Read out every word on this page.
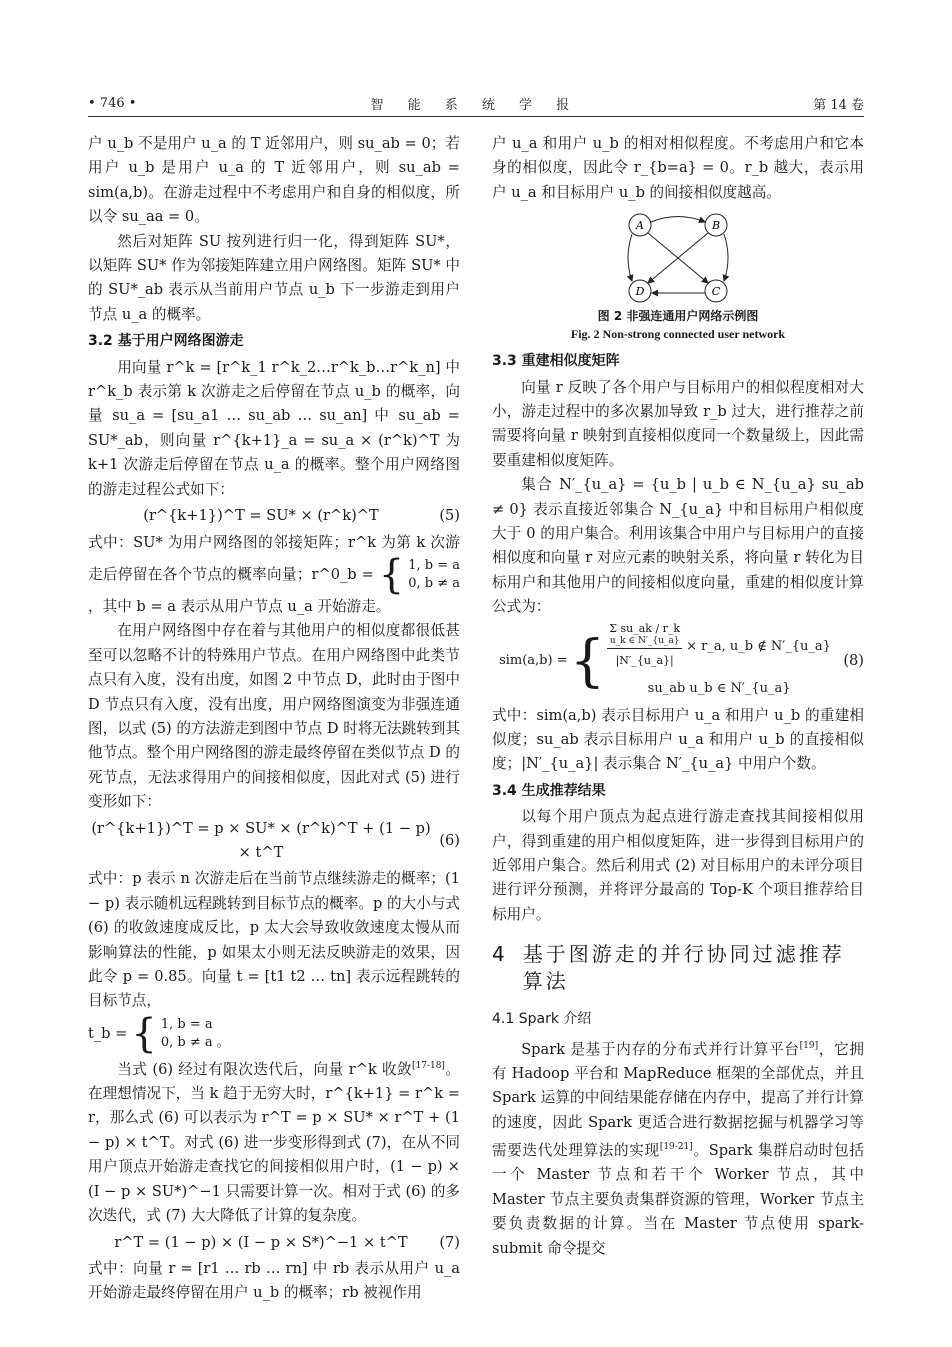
• 746 •	智 能 系 统 学 报	第 14 卷

户 u_b 不是用户 u_a 的 T 近邻用户，则 su_ab = 0；若用户 u_b 是用户 u_a 的 T 近邻用户，则 su_ab = sim(a,b)。在游走过程中不考虑用户和自身的相似度，所以令 su_aa = 0。

然后对矩阵 SU 按列进行归一化，得到矩阵 SU*，以矩阵 SU* 作为邻接矩阵建立用户网络图。矩阵 SU* 中的 SU*_ab 表示从当前用户节点 u_b 下一步游走到用户节点 u_a 的概率。

3.2 基于用户网络图游走

用向量 r^k = [r^k_1 r^k_2…r^k_b…r^k_n] 中 r^k_b 表示第 k 次游走之后停留在节点 u_b 的概率，向量 su_a = [su_a1 … su_ab … su_an] 中 su_ab = SU*_ab，则向量 r^{k+1}_a = su_a × (r^k)^T 为 k+1 次游走后停留在节点 u_a 的概率。整个用户网络图的游走过程公式如下：

(r^{k+1})^T = SU* × (r^k)^T	(5)

式中：SU* 为用户网络图的邻接矩阵；r^k 为第 k 次游走后停留在各个节点的概率向量；r^0_b = { 1, b = a
0, b ≠ a
，其中 b = a 表示从用户节点 u_a 开始游走。

在用户网络图中存在着与其他用户的相似度都很低甚至可以忽略不计的特殊用户节点。在用户网络图中此类节点只有入度，没有出度，如图 2 中节点 D，此时由于图中 D 节点只有入度，没有出度，用户网络图演变为非强连通图，以式 (5) 的方法游走到图中节点 D 时将无法跳转到其他节点。整个用户网络图的游走最终停留在类似节点 D 的死节点，无法求得用户的间接相似度，因此对式 (5) 进行变形如下：

(r^{k+1})^T = p × SU* × (r^k)^T + (1 − p) × t^T
(6)

式中：p 表示 n 次游走后在当前节点继续游走的概率；(1 − p) 表示随机远程跳转到目标节点的概率。p 的大小与式 (6) 的收敛速度成反比，p 太大会导致收敛速度太慢从而影响算法的性能，p 如果太小则无法反映游走的效果，因此令 p = 0.85。向量 t = [t1 t2 … tn] 表示远程跳转的目标节点，

t_b = { 1, b = a
0, b ≠ a 。

当式 (6) 经过有限次迭代后，向量 r^k 收敛[17-18]。在理想情况下，当 k 趋于无穷大时，r^{k+1} = r^k = r，那么式 (6) 可以表示为 r^T = p × SU* × r^T + (1 − p) × t^T。对式 (6) 进一步变形得到式 (7)，在从不同用户顶点开始游走查找它的间接相似用户时，(1 − p) × (I − p × SU*)^−1 只需要计算一次。相对于式 (6) 的多次迭代，式 (7) 大大降低了计算的复杂度。

r^T = (1 − p) × (I − p × S*)^−1 × t^T	(7)

式中：向量 r = [r1 … rb … rn] 中 rb 表示从用户 u_a 开始游走最终停留在用户 u_b 的概率；rb 被视作用

户 u_a 和用户 u_b 的相对相似程度。不考虑用户和它本身的相似度，因此令 r_{b=a} = 0。r_b 越大，表示用户 u_a 和目标用户 u_b 的间接相似度越高。

A	B
D	C
图 2 非强连通用户网络示例图
Fig. 2 Non-strong connected user network
3.3 重建相似度矩阵

向量 r 反映了各个用户与目标用户的相似程度相对大小，游走过程中的多次累加导致 r_b 过大，进行推荐之前需要将向量 r 映射到直接相似度同一个数量级上，因此需要重建相似度矩阵。

集合 N′_{u_a} = {u_b | u_b ∈ N_{u_a} su_ab ≠ 0} 表示直接近邻集合 N_{u_a} 中和目标用户相似度大于 0 的用户集合。利用该集合中用户与目标用户的直接相似度和向量 r 对应元素的映射关系，将向量 r 转化为目标用户和其他用户的间接相似度向量，重建的相似度计算公式为：

sim(a,b) = { Σ su_ak / r_k
u_k ∈ N′_{u_a}
|N′_{u_a}| × r_a, u_b ∉ N′_{u_a}
su_ab u_b ∈ N′_{u_a}
(8)

式中：sim(a,b) 表示目标用户 u_a 和用户 u_b 的重建相似度；su_ab 表示目标用户 u_a 和用户 u_b 的直接相似度；|N′_{u_a}| 表示集合 N′_{u_a} 中用户个数。

3.4 生成推荐结果

以每个用户顶点为起点进行游走查找其间接相似用户，得到重建的用户相似度矩阵，进一步得到目标用户的近邻用户集合。然后利用式 (2) 对目标用户的未评分项目进行评分预测，并将评分最高的 Top-K 个项目推荐给目标用户。

4 基于图游走的并行协同过滤推荐算法
4.1 Spark 介绍

Spark 是基于内存的分布式并行计算平台[19]，它拥有 Hadoop 平台和 MapReduce 框架的全部优点，并且 Spark 运算的中间结果能存储在内存中，提高了并行计算的速度，因此 Spark 更适合进行数据挖掘与机器学习等需要迭代处理算法的实现[19-21]。Spark 集群启动时包括一个 Master 节点和若干个 Worker 节点，其中 Master 节点主要负责集群资源的管理，Worker 节点主要负责数据的计算。当在 Master 节点使用 spark-submit 命令提交
